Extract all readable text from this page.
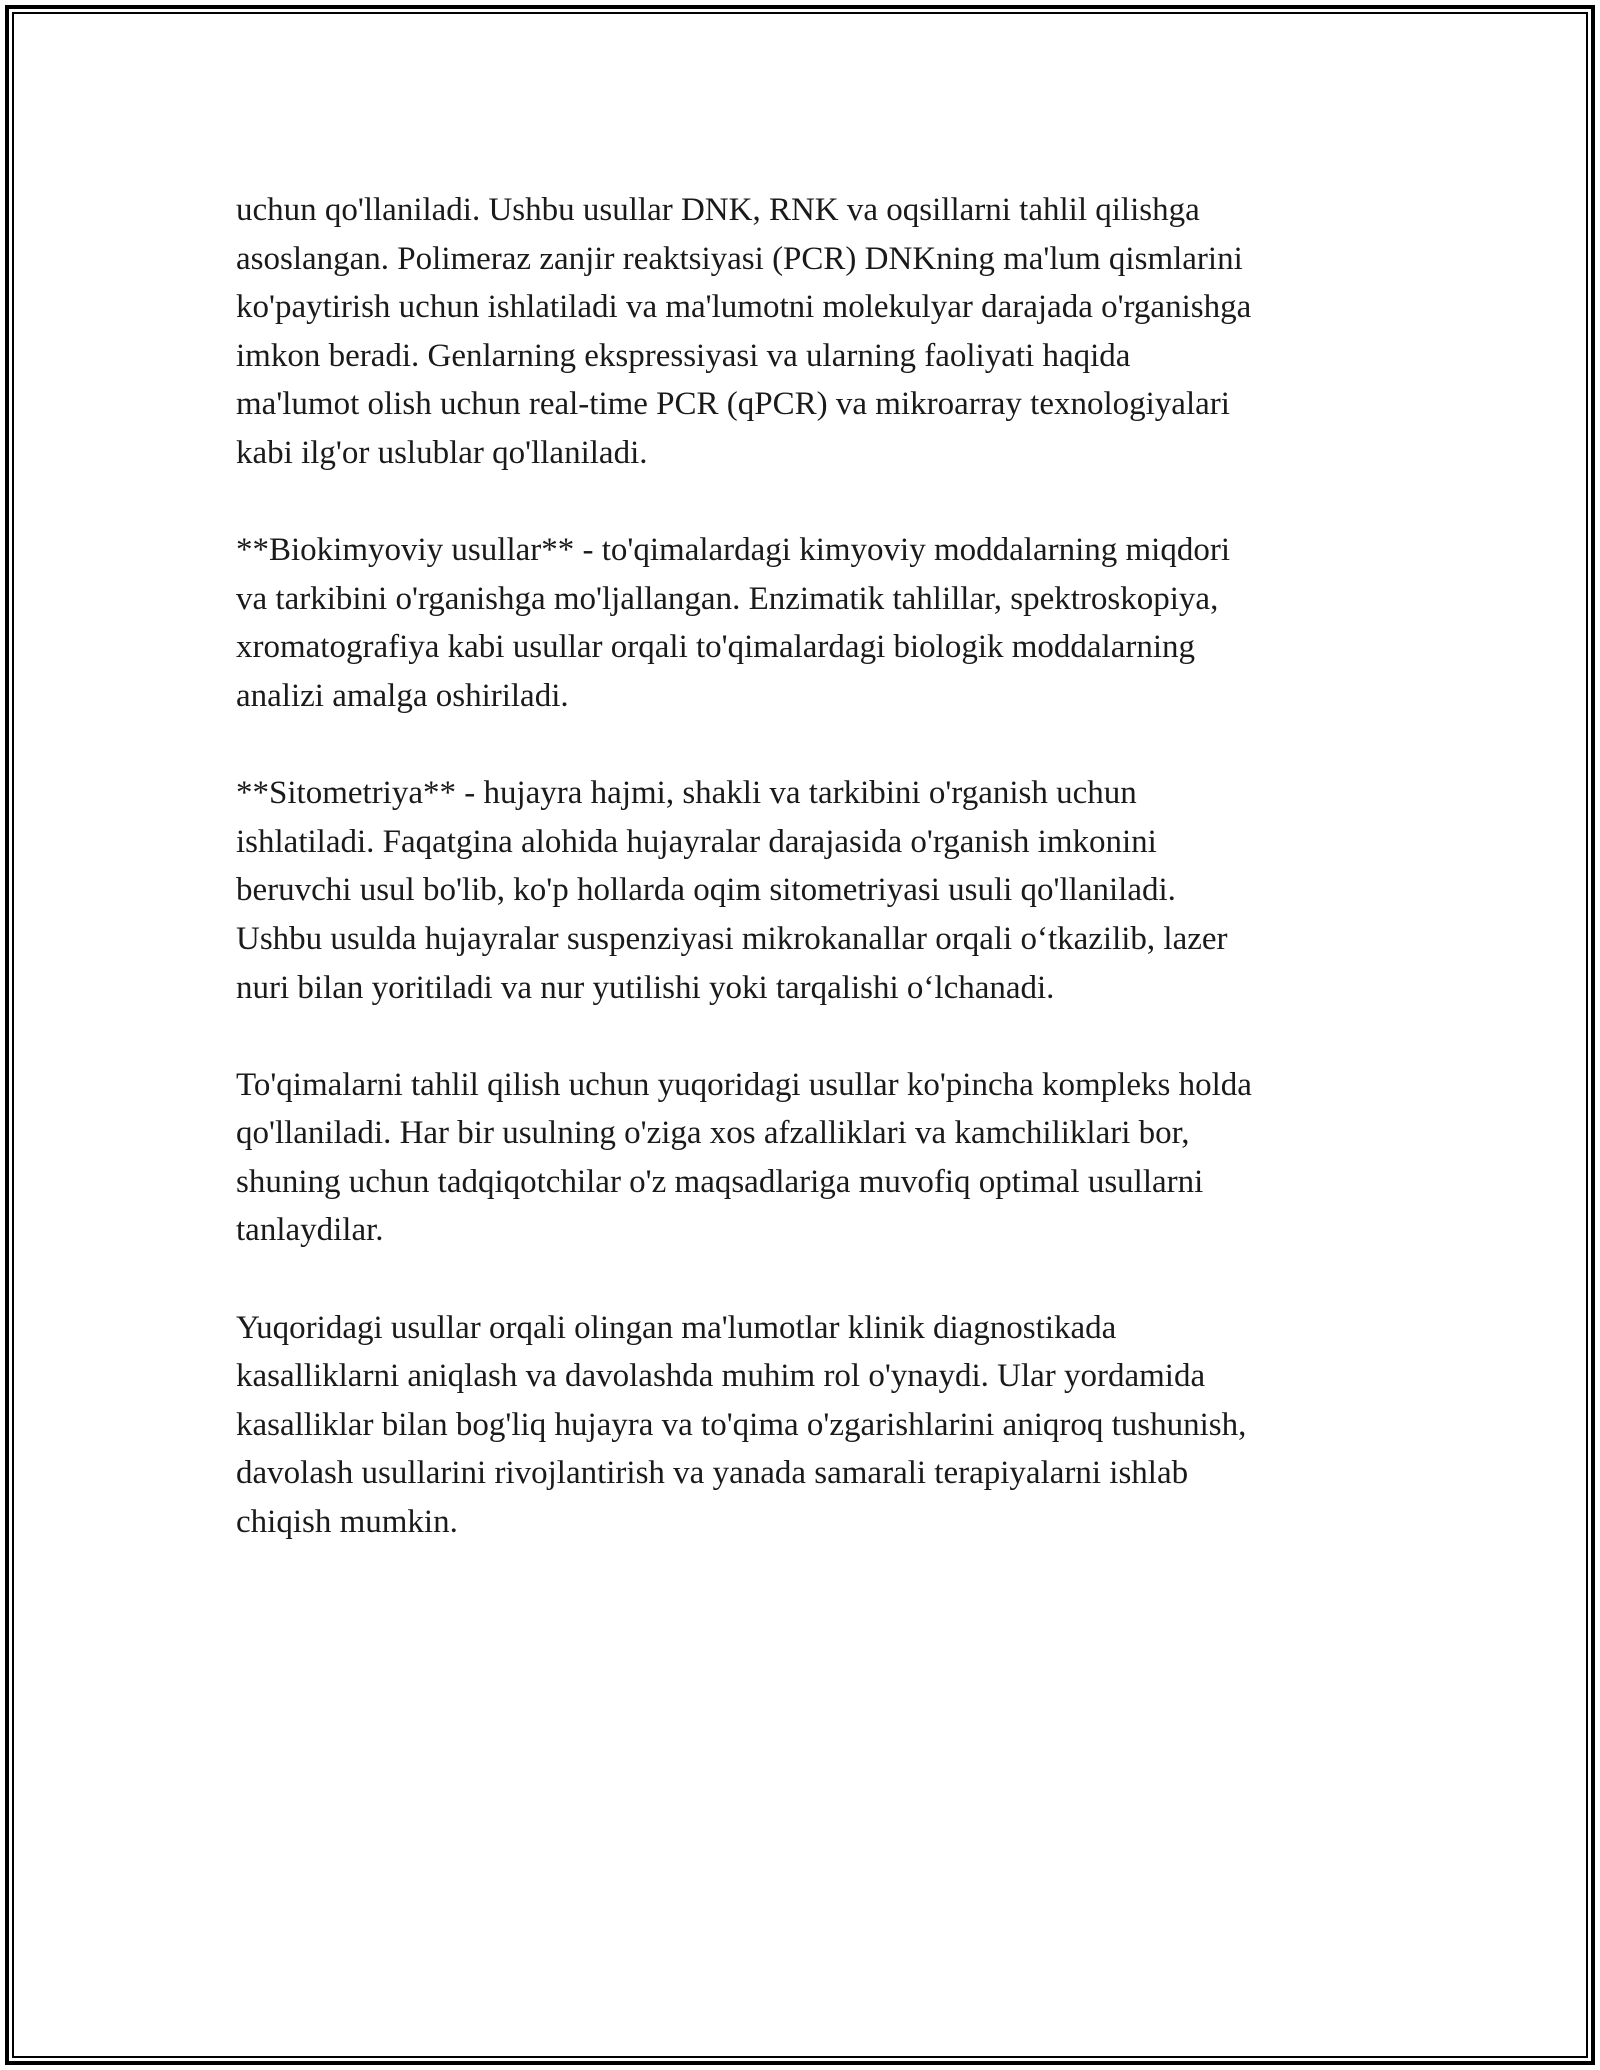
uchun qo'llaniladi. Ushbu usullar DNK, RNK va oqsillarni tahlil qilishga
asoslangan. Polimeraz zanjir reaktsiyasi (PCR) DNKning ma'lum qismlarini
ko'paytirish uchun ishlatiladi va ma'lumotni molekulyar darajada o'rganishga
imkon beradi. Genlarning ekspressiyasi va ularning faoliyati haqida
ma'lumot olish uchun real-time PCR (qPCR) va mikroarray texnologiyalari
kabi ilg'or uslublar qo'llaniladi.

**Biokimyoviy usullar** - to'qimalardagi kimyoviy moddalarning miqdori
va tarkibini o'rganishga mo'ljallangan. Enzimatik tahlillar, spektroskopiya,
xromatografiya kabi usullar orqali to'qimalardagi biologik moddalarning
analizi amalga oshiriladi.

**Sitometriya** - hujayra hajmi, shakli va tarkibini o'rganish uchun
ishlatiladi. Faqatgina alohida hujayralar darajasida o'rganish imkonini
beruvchi usul bo'lib, ko'p hollarda oqim sitometriyasi usuli qo'llaniladi.
Ushbu usulda hujayralar suspenziyasi mikrokanallar orqali oʻtkazilib, lazer
nuri bilan yoritiladi va nur yutilishi yoki tarqalishi oʻlchanadi.

To'qimalarni tahlil qilish uchun yuqoridagi usullar ko'pincha kompleks holda
qo'llaniladi. Har bir usulning o'ziga xos afzalliklari va kamchiliklari bor,
shuning uchun tadqiqotchilar o'z maqsadlariga muvofiq optimal usullarni
tanlaydilar.

Yuqoridagi usullar orqali olingan ma'lumotlar klinik diagnostikada
kasalliklarni aniqlash va davolashda muhim rol o'ynaydi. Ular yordamida
kasalliklar bilan bog'liq hujayra va to'qima o'zgarishlarini aniqroq tushunish,
davolash usullarini rivojlantirish va yanada samarali terapiyalarni ishlab
chiqish mumkin.
